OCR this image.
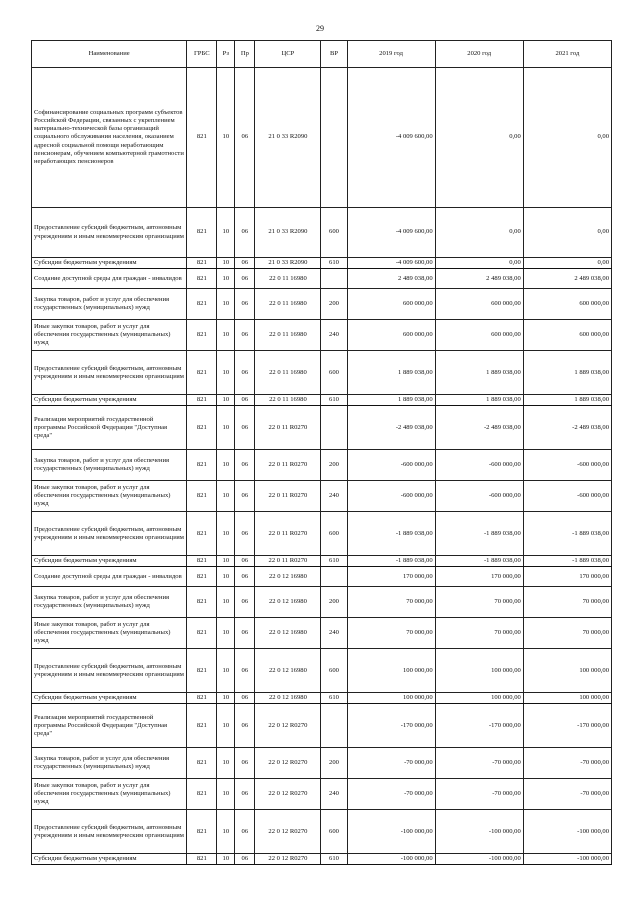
29
Наименование	ГРБС	Рз	Пр	ЦСР	ВР	2019 год	2020 год	2021 год
Софинансирование социальных программ субъектов Российской Федерации, связанных с укреплением материально-технической базы организаций социального обслуживания населения, оказанием адресной социальной помощи неработающим пенсионерам, обучением компьютерной грамотности неработающих пенсионеров	821	10	06	21 0 33 R2090		-4 009 600,00	0,00	0,00
Предоставление субсидий бюджетным, автономным учреждениям и иным некоммерческим организациям	821	10	06	21 0 33 R2090	600	-4 009 600,00	0,00	0,00
Субсидии бюджетным учреждениям	821	10	06	21 0 33 R2090	610	-4 009 600,00	0,00	0,00
Создание доступной среды для граждан - инвалидов	821	10	06	22 0 11 16980		2 489 038,00	2 489 038,00	2 489 038,00
Закупка товаров, работ и услуг для обеспечения государственных (муниципальных) нужд	821	10	06	22 0 11 16980	200	600 000,00	600 000,00	600 000,00
Иные закупки товаров, работ и услуг для обеспечения государственных (муниципальных) нужд	821	10	06	22 0 11 16980	240	600 000,00	600 000,00	600 000,00
Предоставление субсидий бюджетным, автономным учреждениям и иным некоммерческим организациям	821	10	06	22 0 11 16980	600	1 889 038,00	1 889 038,00	1 889 038,00
Субсидии бюджетным учреждениям	821	10	06	22 0 11 16980	610	1 889 038,00	1 889 038,00	1 889 038,00
Реализация мероприятий государственной программы Российской Федерации "Доступная среда"	821	10	06	22 0 11 R0270		-2 489 038,00	-2 489 038,00	-2 489 038,00
Закупка товаров, работ и услуг для обеспечения государственных (муниципальных) нужд	821	10	06	22 0 11 R0270	200	-600 000,00	-600 000,00	-600 000,00
Иные закупки товаров, работ и услуг для обеспечения государственных (муниципальных) нужд	821	10	06	22 0 11 R0270	240	-600 000,00	-600 000,00	-600 000,00
Предоставление субсидий бюджетным, автономным учреждениям и иным некоммерческим организациям	821	10	06	22 0 11 R0270	600	-1 889 038,00	-1 889 038,00	-1 889 038,00
Субсидии бюджетным учреждениям	821	10	06	22 0 11 R0270	610	-1 889 038,00	-1 889 038,00	-1 889 038,00
Создание доступной среды для граждан - инвалидов	821	10	06	22 0 12 16980		170 000,00	170 000,00	170 000,00
Закупка товаров, работ и услуг для обеспечения государственных (муниципальных) нужд	821	10	06	22 0 12 16980	200	70 000,00	70 000,00	70 000,00
Иные закупки товаров, работ и услуг для обеспечения государственных (муниципальных) нужд	821	10	06	22 0 12 16980	240	70 000,00	70 000,00	70 000,00
Предоставление субсидий бюджетным, автономным учреждениям и иным некоммерческим организациям	821	10	06	22 0 12 16980	600	100 000,00	100 000,00	100 000,00
Субсидии бюджетным учреждениям	821	10	06	22 0 12 16980	610	100 000,00	100 000,00	100 000,00
Реализация мероприятий государственной программы Российской Федерации "Доступная среда"	821	10	06	22 0 12 R0270		-170 000,00	-170 000,00	-170 000,00
Закупка товаров, работ и услуг для обеспечения государственных (муниципальных) нужд	821	10	06	22 0 12 R0270	200	-70 000,00	-70 000,00	-70 000,00
Иные закупки товаров, работ и услуг для обеспечения государственных (муниципальных) нужд	821	10	06	22 0 12 R0270	240	-70 000,00	-70 000,00	-70 000,00
Предоставление субсидий бюджетным, автономным учреждениям и иным некоммерческим организациям	821	10	06	22 0 12 R0270	600	-100 000,00	-100 000,00	-100 000,00
Субсидии бюджетным учреждениям	821	10	06	22 0 12 R0270	610	-100 000,00	-100 000,00	-100 000,00
